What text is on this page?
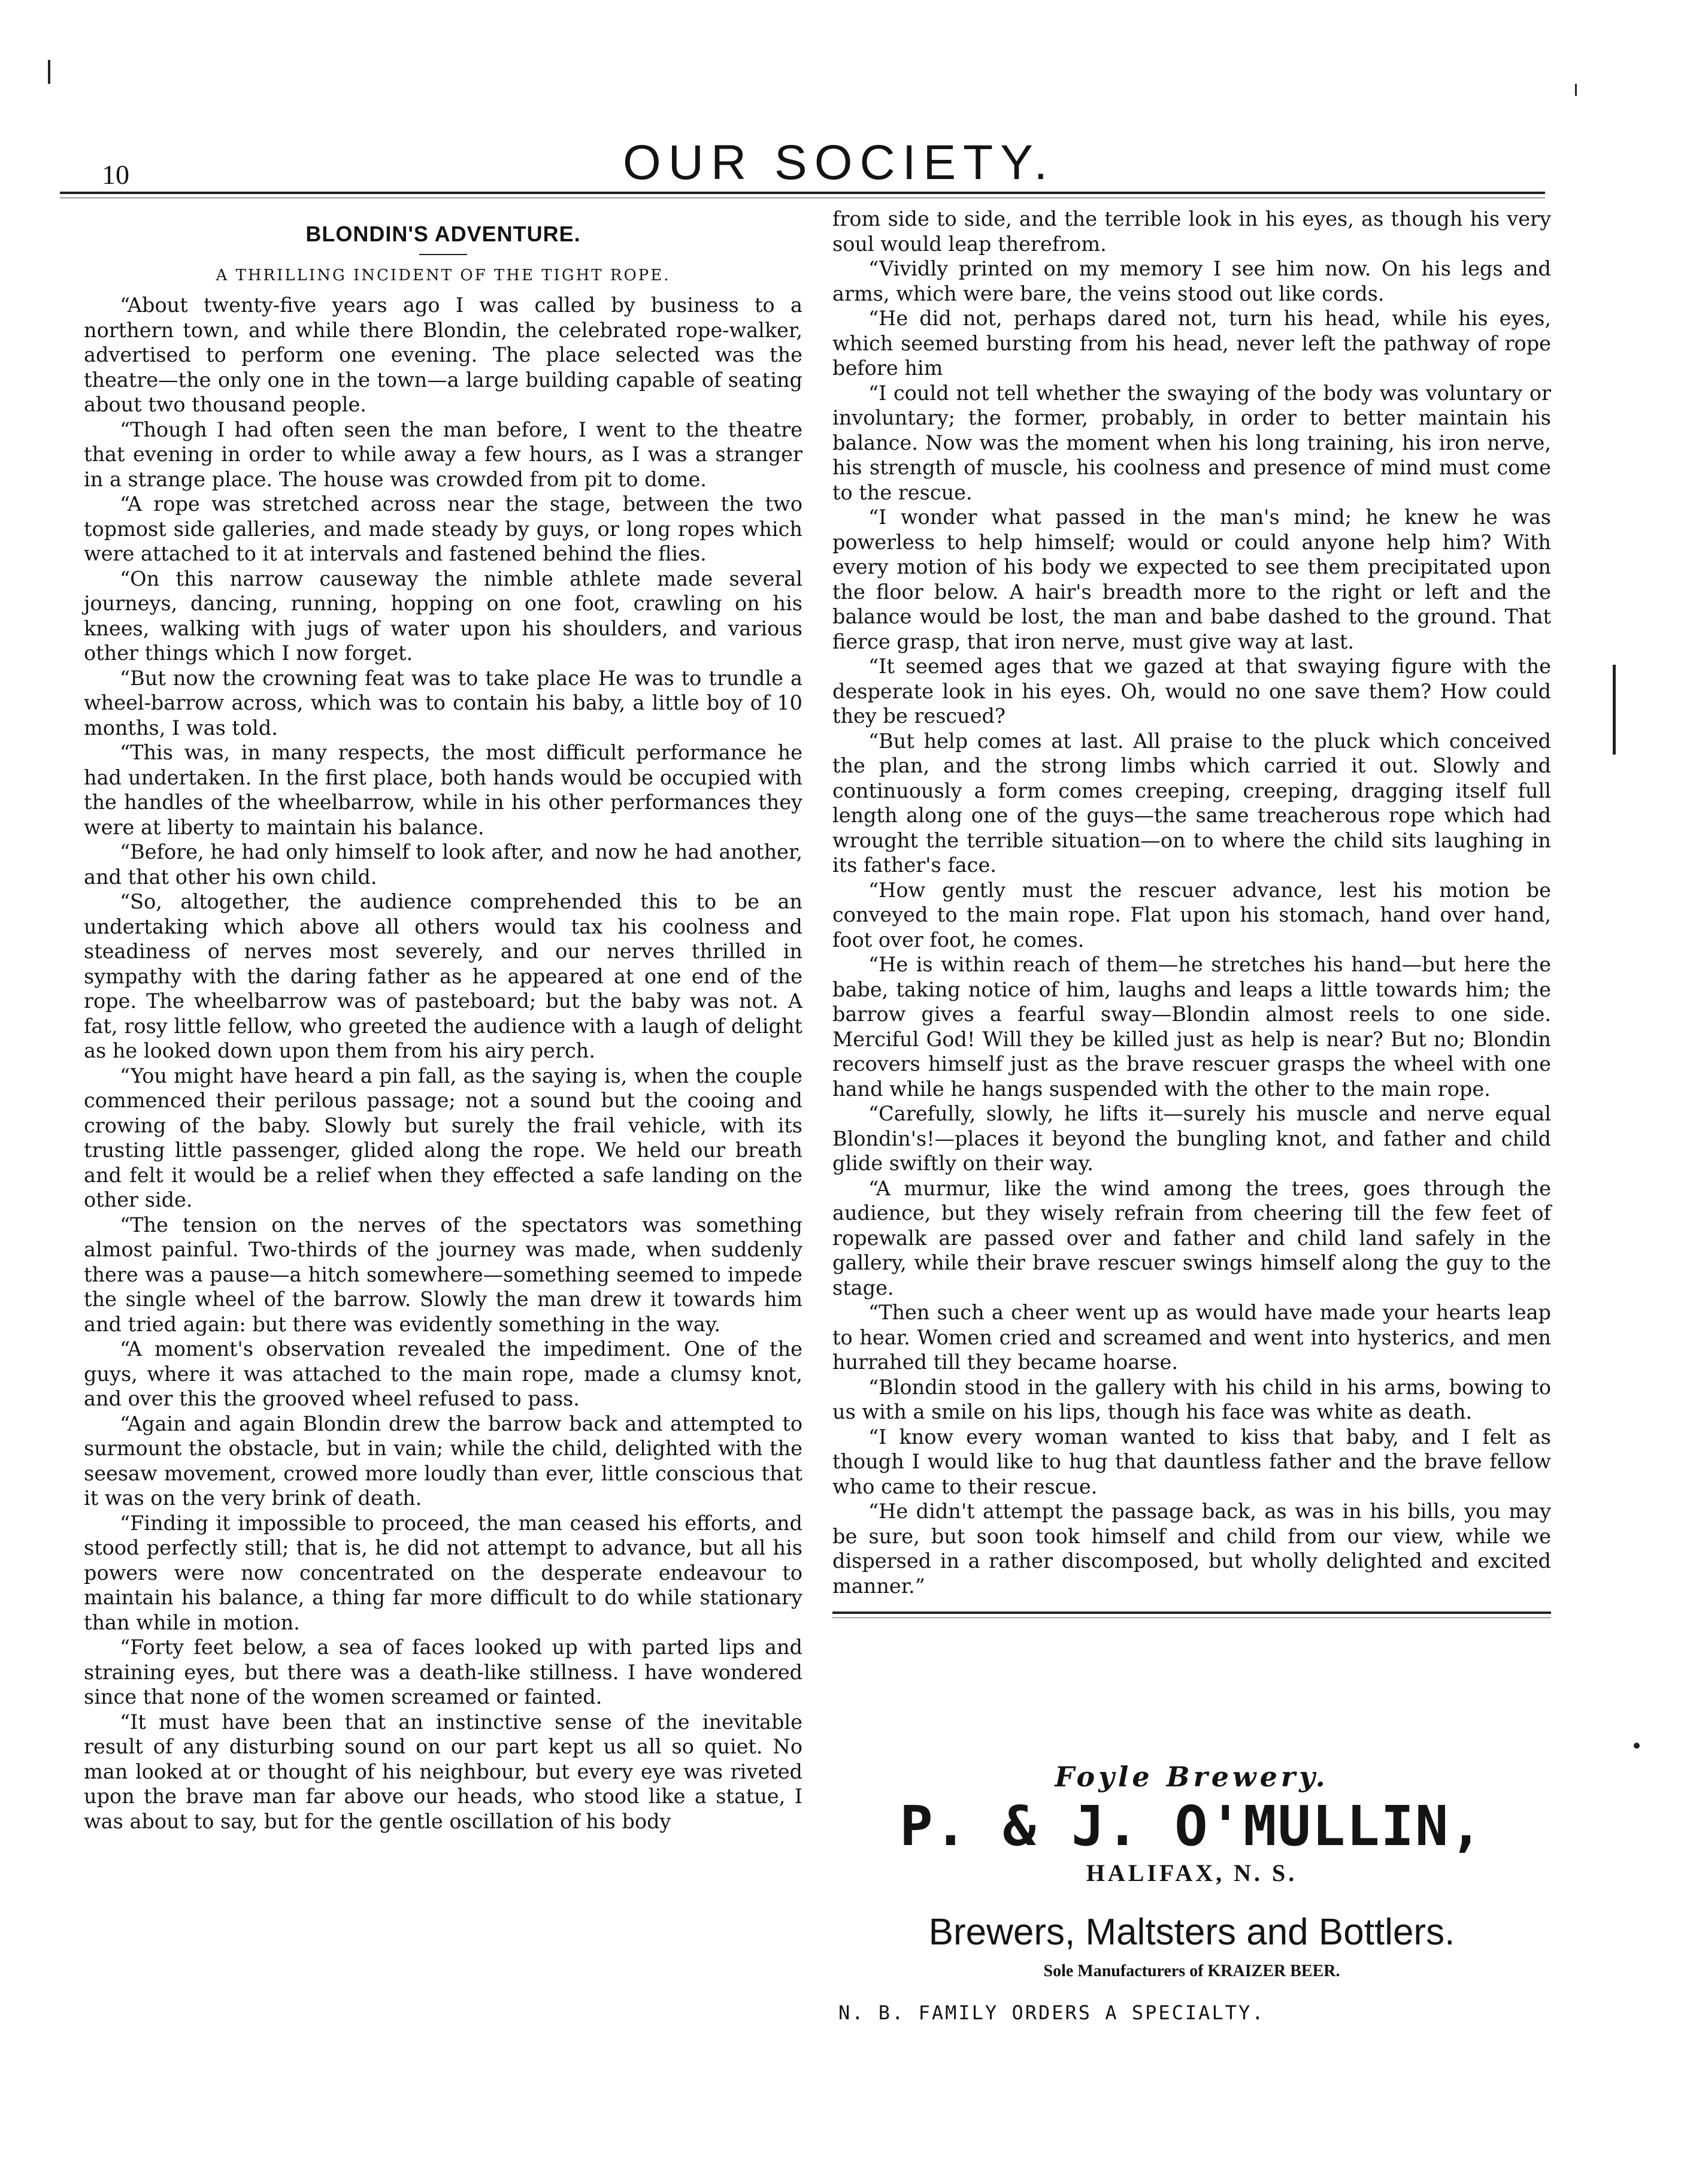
10	OUR SOCIETY.

BLONDIN'S ADVENTURE.

A THRILLING INCIDENT OF THE TIGHT ROPE.

“About twenty-five years ago I was called by business to a northern town, and while there Blondin, the celebrated rope-walker, advertised to perform one evening. The place selected was the theatre—the only one in the town—a large building capable of seating about two thousand people.

“Though I had often seen the man before, I went to the theatre that evening in order to while away a few hours, as I was a stranger in a strange place. The house was crowded from pit to dome.

“A rope was stretched across near the stage, between the two topmost side galleries, and made steady by guys, or long ropes which were attached to it at intervals and fastened behind the flies.

“On this narrow causeway the nimble athlete made several journeys, dancing, running, hopping on one foot, crawling on his knees, walking with jugs of water upon his shoulders, and various other things which I now forget.

“But now the crowning feat was to take place He was to trundle a wheel-barrow across, which was to contain his baby, a little boy of 10 months, I was told.

“This was, in many respects, the most difficult performance he had undertaken. In the first place, both hands would be occupied with the handles of the wheelbarrow, while in his other performances they were at liberty to maintain his balance.

“Before, he had only himself to look after, and now he had another, and that other his own child.

“So, altogether, the audience comprehended this to be an undertaking which above all others would tax his coolness and steadiness of nerves most severely, and our nerves thrilled in sympathy with the daring father as he appeared at one end of the rope. The wheelbarrow was of pasteboard; but the baby was not. A fat, rosy little fellow, who greeted the audience with a laugh of delight as he looked down upon them from his airy perch.

“You might have heard a pin fall, as the saying is, when the couple commenced their perilous passage; not a sound but the cooing and crowing of the baby. Slowly but surely the frail vehicle, with its trusting little passenger, glided along the rope. We held our breath and felt it would be a relief when they effected a safe landing on the other side.

“The tension on the nerves of the spectators was something almost painful. Two-thirds of the journey was made, when suddenly there was a pause—a hitch somewhere—something seemed to impede the single wheel of the barrow. Slowly the man drew it towards him and tried again: but there was evidently something in the way.

“A moment's observation revealed the impediment. One of the guys, where it was attached to the main rope, made a clumsy knot, and over this the grooved wheel refused to pass.

“Again and again Blondin drew the barrow back and attempted to surmount the obstacle, but in vain; while the child, delighted with the seesaw movement, crowed more loudly than ever, little conscious that it was on the very brink of death.

“Finding it impossible to proceed, the man ceased his efforts, and stood perfectly still; that is, he did not attempt to advance, but all his powers were now concentrated on the desperate endeavour to maintain his balance, a thing far more difficult to do while stationary than while in motion.

“Forty feet below, a sea of faces looked up with parted lips and straining eyes, but there was a death-like stillness. I have wondered since that none of the women screamed or fainted.

“It must have been that an instinctive sense of the inevitable result of any disturbing sound on our part kept us all so quiet. No man looked at or thought of his neighbour, but every eye was riveted upon the brave man far above our heads, who stood like a statue, I was about to say, but for the gentle oscillation of his body

from side to side, and the terrible look in his eyes, as though his very soul would leap therefrom.

“Vividly printed on my memory I see him now. On his legs and arms, which were bare, the veins stood out like cords.

“He did not, perhaps dared not, turn his head, while his eyes, which seemed bursting from his head, never left the pathway of rope before him

“I could not tell whether the swaying of the body was voluntary or involuntary; the former, probably, in order to better maintain his balance. Now was the moment when his long training, his iron nerve, his strength of muscle, his coolness and presence of mind must come to the rescue.

“I wonder what passed in the man's mind; he knew he was powerless to help himself; would or could anyone help him? With every motion of his body we expected to see them precipitated upon the floor below. A hair's breadth more to the right or left and the balance would be lost, the man and babe dashed to the ground. That fierce grasp, that iron nerve, must give way at last.

“It seemed ages that we gazed at that swaying figure with the desperate look in his eyes. Oh, would no one save them? How could they be rescued?

“But help comes at last. All praise to the pluck which conceived the plan, and the strong limbs which carried it out. Slowly and continuously a form comes creeping, creeping, dragging itself full length along one of the guys—the same treacherous rope which had wrought the terrible situation—on to where the child sits laughing in its father's face.

“How gently must the rescuer advance, lest his motion be conveyed to the main rope. Flat upon his stomach, hand over hand, foot over foot, he comes.

“He is within reach of them—he stretches his hand—but here the babe, taking notice of him, laughs and leaps a little towards him; the barrow gives a fearful sway—Blondin almost reels to one side. Merciful God! Will they be killed just as help is near? But no; Blondin recovers himself just as the brave rescuer grasps the wheel with one hand while he hangs suspended with the other to the main rope.

“Carefully, slowly, he lifts it—surely his muscle and nerve equal Blondin's!—places it beyond the bungling knot, and father and child glide swiftly on their way.

“A murmur, like the wind among the trees, goes through the audience, but they wisely refrain from cheering till the few feet of ropewalk are passed over and father and child land safely in the gallery, while their brave rescuer swings himself along the guy to the stage.

“Then such a cheer went up as would have made your hearts leap to hear. Women cried and screamed and went into hysterics, and men hurrahed till they became hoarse.

“Blondin stood in the gallery with his child in his arms, bowing to us with a smile on his lips, though his face was white as death.

“I know every woman wanted to kiss that baby, and I felt as though I would like to hug that dauntless father and the brave fellow who came to their rescue.

“He didn't attempt the passage back, as was in his bills, you may be sure, but soon took himself and child from our view, while we dispersed in a rather discomposed, but wholly delighted and excited manner.”

Foyle Brewery.
P. & J. O'MULLIN,
HALIFAX, N. S.
Brewers, Maltsters and Bottlers.
Sole Manufacturers of KRAIZER BEER.
N. B. FAMILY ORDERS A SPECIALTY.
